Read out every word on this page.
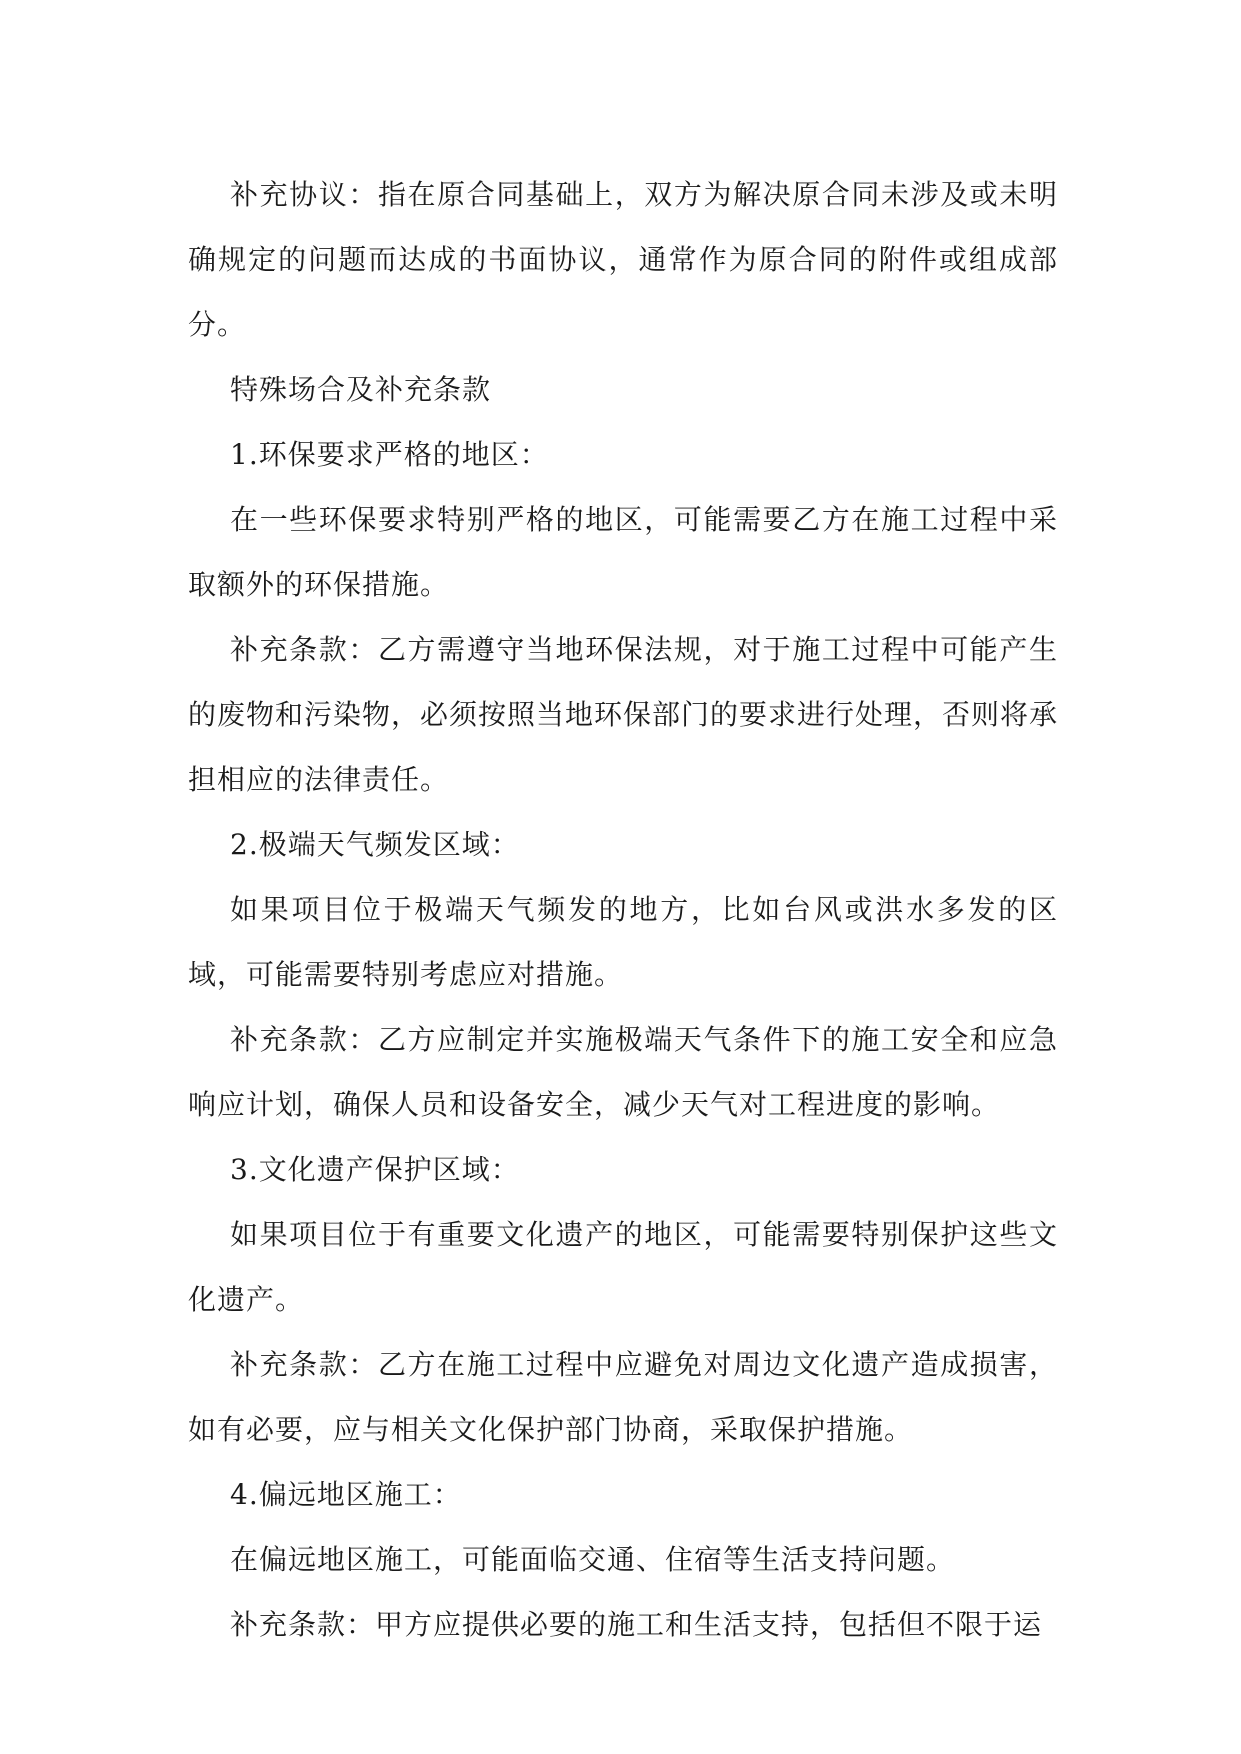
补充协议：指在原合同基础上，双方为解决原合同未涉及或未明确规定的问题而达成的书面协议，通常作为原合同的附件或组成部分。

特殊场合及补充条款

1.环保要求严格的地区：

在一些环保要求特别严格的地区，可能需要乙方在施工过程中采取额外的环保措施。

补充条款：乙方需遵守当地环保法规，对于施工过程中可能产生的废物和污染物，必须按照当地环保部门的要求进行处理，否则将承担相应的法律责任。

2.极端天气频发区域：

如果项目位于极端天气频发的地方，比如台风或洪水多发的区域，可能需要特别考虑应对措施。

补充条款：乙方应制定并实施极端天气条件下的施工安全和应急响应计划，确保人员和设备安全，减少天气对工程进度的影响。

3.文化遗产保护区域：

如果项目位于有重要文化遗产的地区，可能需要特别保护这些文化遗产。

补充条款：乙方在施工过程中应避免对周边文化遗产造成损害，如有必要，应与相关文化保护部门协商，采取保护措施。

4.偏远地区施工：

在偏远地区施工，可能面临交通、住宿等生活支持问题。

补充条款：甲方应提供必要的施工和生活支持，包括但不限于运
